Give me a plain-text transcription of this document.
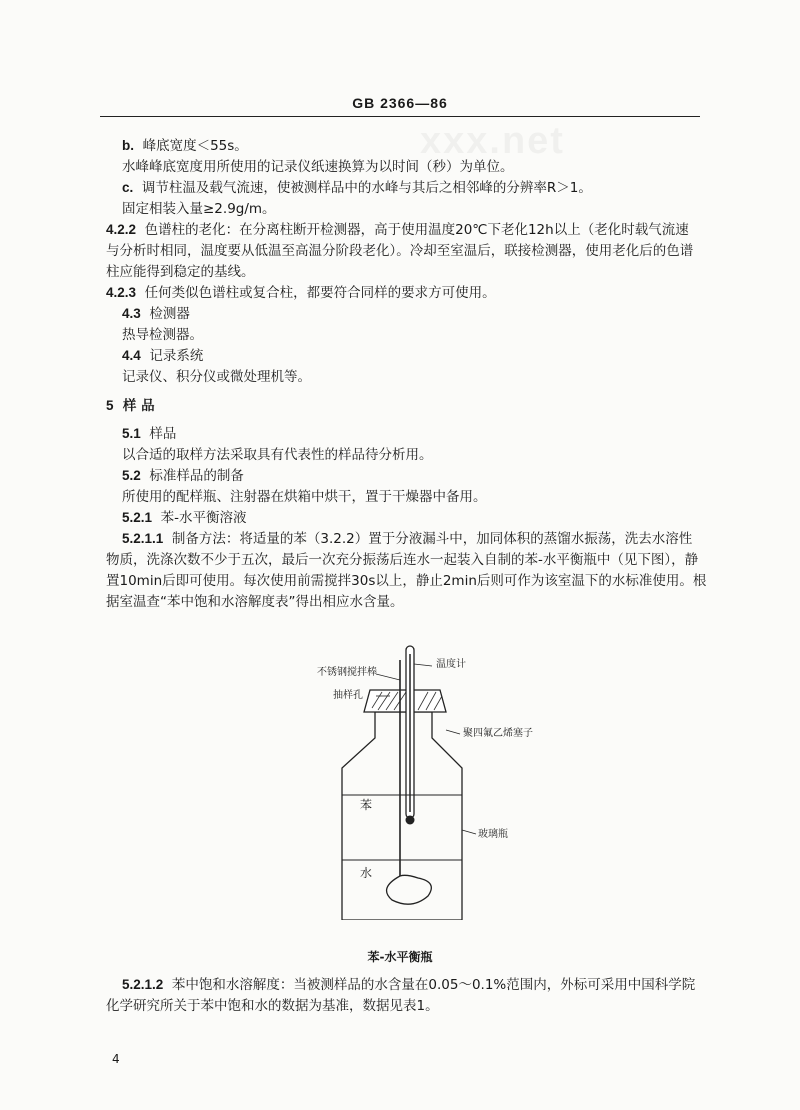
GB 2366—86
b. 峰底宽度＜55s。
水峰峰底宽度用所使用的记录仪纸速换算为以时间（秒）为单位。
c. 调节柱温及载气流速，使被测样品中的水峰与其后之相邻峰的分辨率R＞1。
固定相装入量≥2.9g/m。
4.2.2 色谱柱的老化：在分离柱断开检测器，高于使用温度20℃下老化12h以上（老化时载气流速
与分析时相同，温度要从低温至高温分阶段老化）。冷却至室温后，联接检测器，使用老化后的色谱
柱应能得到稳定的基线。
4.2.3 任何类似色谱柱或复合柱，都要符合同样的要求方可使用。
4.3 检测器
热导检测器。
4.4 记录系统
记录仪、积分仪或微处理机等。
5 样 品
5.1 样品
以合适的取样方法采取具有代表性的样品待分析用。
5.2 标准样品的制备
所使用的配样瓶、注射器在烘箱中烘干，置于干燥器中备用。
5.2.1 苯-水平衡溶液
5.2.1.1 制备方法：将适量的苯（3.2.2）置于分液漏斗中，加同体积的蒸馏水振荡，洗去水溶性
物质，洗涤次数不少于五次，最后一次充分振荡后连水一起装入自制的苯-水平衡瓶中（见下图），静
置10min后即可使用。每次使用前需搅拌30s以上，静止2min后则可作为该室温下的水标准使用。根
据室温查“苯中饱和水溶解度表”得出相应水含量。
不锈钢搅拌棒
温度计
抽样孔
聚四氟乙烯塞子
苯
玻璃瓶
水
苯-水平衡瓶
5.2.1.2 苯中饱和水溶解度：当被测样品的水含量在0.05～0.1%范围内，外标可采用中国科学院
化学研究所关于苯中饱和水的数据为基准，数据见表1。
4
